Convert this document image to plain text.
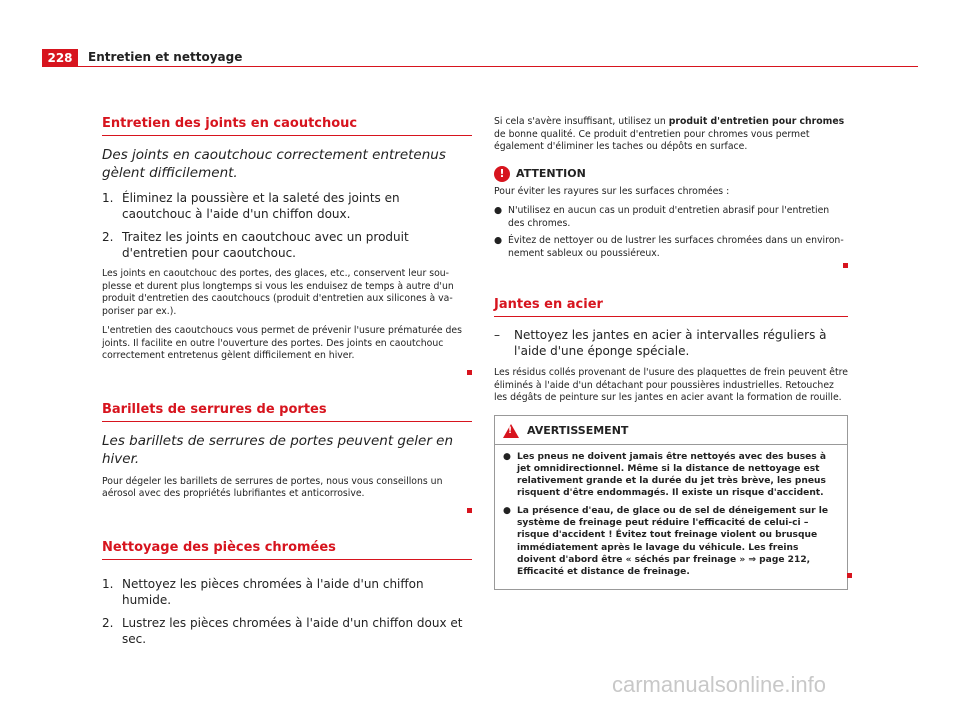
228	Entretien et nettoyage
Entretien des joints en caoutchouc
Des joints en caoutchouc correctement entretenus gèlent difficilement.
1. Éliminez la poussière et la saleté des joints en caoutchouc à l'aide d'un chiffon doux.
2. Traitez les joints en caoutchouc avec un produit d'entretien pour caoutchouc.

Les joints en caoutchouc des portes, des glaces, etc., conservent leur souplesse et durent plus longtemps si vous les enduisez de temps à autre d'un produit d'entretien des caoutchoucs (produit d'entretien aux silicones à vaporiser par ex.).

L'entretien des caoutchoucs vous permet de prévenir l'usure prématurée des joints. Il facilite en outre l'ouverture des portes. Des joints en caoutchouc correctement entretenus gèlent difficilement en hiver.

Barillets de serrures de portes
Les barillets de serrures de portes peuvent geler en hiver.

Pour dégeler les barillets de serrures de portes, nous vous conseillons un aérosol avec des propriétés lubrifiantes et anticorrosive.

Nettoyage des pièces chromées
1. Nettoyez les pièces chromées à l'aide d'un chiffon humide.
2. Lustrez les pièces chromées à l'aide d'un chiffon doux et sec.

Si cela s'avère insuffisant, utilisez un produit d'entretien pour chromes de bonne qualité. Ce produit d'entretien pour chromes vous permet également d'éliminer les taches ou dépôts en surface.

!	ATTENTION

Pour éviter les rayures sur les surfaces chromées :

● N'utilisez en aucun cas un produit d'entretien abrasif pour l'entretien des chromes.
● Évitez de nettoyer ou de lustrer les surfaces chromées dans un environnement sableux ou poussiéreux.
Jantes en acier
– Nettoyez les jantes en acier à intervalles réguliers à l'aide d'une éponge spéciale.

Les résidus collés provenant de l'usure des plaquettes de frein peuvent être éliminés à l'aide d'un détachant pour poussières industrielles. Retouchez les dégâts de peinture sur les jantes en acier avant la formation de rouille.

! AVERTISSEMENT
● Les pneus ne doivent jamais être nettoyés avec des buses à jet omnidirectionnel. Même si la distance de nettoyage est relativement grande et la durée du jet très brève, les pneus risquent d'être endommagés. Il existe un risque d'accident.
● La présence d'eau, de glace ou de sel de déneigement sur le système de freinage peut réduire l'efficacité de celui-ci – risque d'accident ! Évitez tout freinage violent ou brusque immédiatement après le lavage du véhicule. Les freins doivent d'abord être « séchés par freinage » ⇒ page 212, Efficacité et distance de freinage.
carmanualsonline.info
